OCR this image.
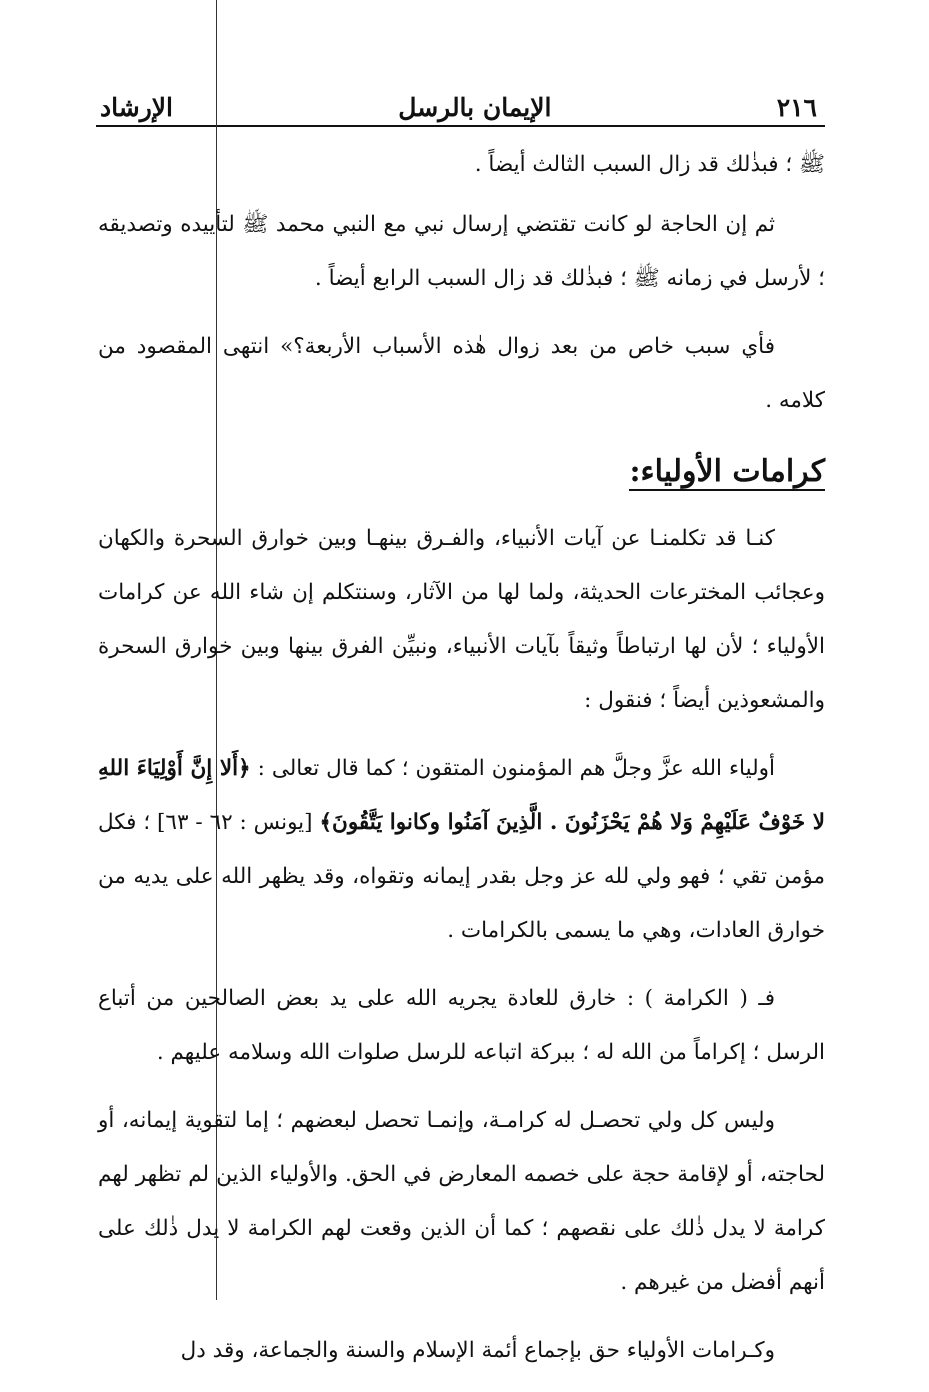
٢١٦
الإيمان بالرسل
الإرشاد

ﷺ ؛ فبذٰلك قد زال السبب الثالث أيضاً .

ثم إن الحاجة لو كانت تقتضي إرسال نبي مع النبي محمد ﷺ لتأييده وتصديقه ؛ لأرسل في زمانه ﷺ ؛ فبذٰلك قد زال السبب الرابع أيضاً .

فأي سبب خاص من بعد زوال هٰذه الأسباب الأربعة؟» انتهى المقصود من كلامه .

كرامات الأولياء:

كنـا قد تكلمنـا عن آيات الأنبياء، والفـرق بينهـا وبين خوارق السحرة والكهان وعجائب المخترعات الحديثة، ولما لها من الآثار، وسنتكلم إن شاء الله عن كرامات الأولياء ؛ لأن لها ارتباطاً وثيقاً بآيات الأنبياء، ونبيِّن الفرق بينها وبين خوارق السحرة والمشعوذين أيضاً ؛ فنقول :

أولياء الله عزَّ وجلَّ هم المؤمنون المتقون ؛ كما قال تعالى : ﴿أَلا إِنَّ أَوْلِيَاءَ اللهِ لا خَوْفٌ عَلَيْهِمْ وَلا هُمْ يَحْزَنُونَ . الَّذِينَ آمَنُوا وكانوا يَتَّقُونَ﴾ [يونس : ٦٢ - ٦٣] ؛ فكل مؤمن تقي ؛ فهو ولي لله عز وجل بقدر إيمانه وتقواه، وقد يظهر الله على يديه من خوارق العادات، وهي ما يسمى بالكرامات .

فـ ( الكرامة ) : خارق للعادة يجريه الله على يد بعض الصالحين من أتباع الرسل ؛ إكراماً من الله له ؛ ببركة اتباعه للرسل صلوات الله وسلامه عليهم .

وليس كل ولي تحصـل له كرامـة، وإنمـا تحصل لبعضهم ؛ إما لتقوية إيمانه، أو لحاجته، أو لإقامة حجة على خصمه المعارض في الحق. والأولياء الذين لم تظهر لهم كرامة لا يدل ذٰلك على نقصهم ؛ كما أن الذين وقعت لهم الكرامة لا يدل ذٰلك على أنهم أفضل من غيرهم .

وكـرامات الأولياء حق بإجماع أئمة الإسلام والسنة والجماعة، وقد دل
